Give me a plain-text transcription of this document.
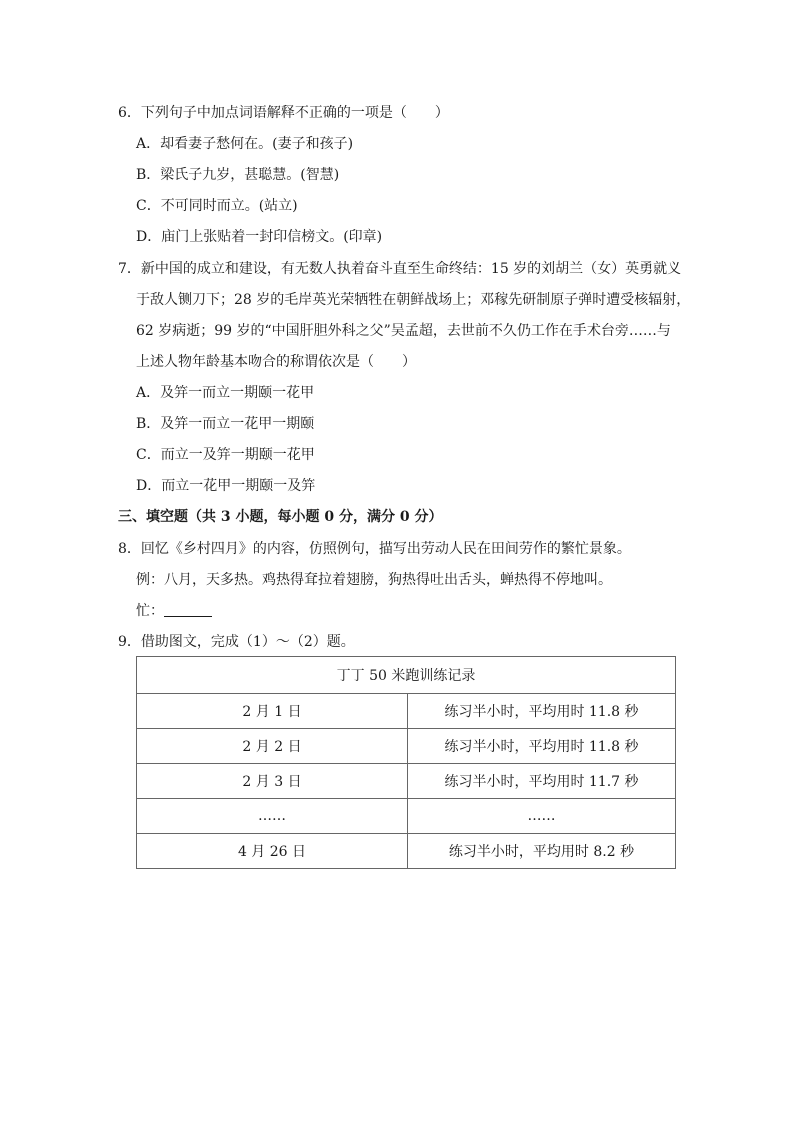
6．下列句子中加点词语解释不正确的一项是（　　）
A．却看妻子愁何在。(妻子和孩子)
B．梁氏子九岁，甚聪慧。(智慧)
C．不可同时而立。(站立)
D．庙门上张贴着一封印信榜文。(印章)
7．新中国的成立和建设，有无数人执着奋斗直至生命终结：15 岁的刘胡兰（女）英勇就义
于敌人铡刀下；28 岁的毛岸英光荣牺牲在朝鲜战场上；邓稼先研制原子弹时遭受核辐射，
62 岁病逝；99 岁的“中国肝胆外科之父”吴孟超，去世前不久仍工作在手术台旁……与
上述人物年龄基本吻合的称谓依次是（　　）
A．及笄一而立一期颐一花甲
B．及笄一而立一花甲一期颐
C．而立一及笄一期颐一花甲
D．而立一花甲一期颐一及笄
三、填空题（共 3 小题，每小题 0 分，满分 0 分）
8．回忆《乡村四月》的内容，仿照例句，描写出劳动人民在田间劳作的繁忙景象。
例：八月，天多热。鸡热得耷拉着翅膀，狗热得吐出舌头，蝉热得不停地叫。
忙：
9．借助图文，完成（1）～（2）题。
丁丁 50 米跑训练记录	
2 月 1 日	练习半小时，平均用时 11.8 秒
2 月 2 日	练习半小时，平均用时 11.8 秒
2 月 3 日	练习半小时，平均用时 11.7 秒
……	……
4 月 26 日	练习半小时，平均用时 8.2 秒
